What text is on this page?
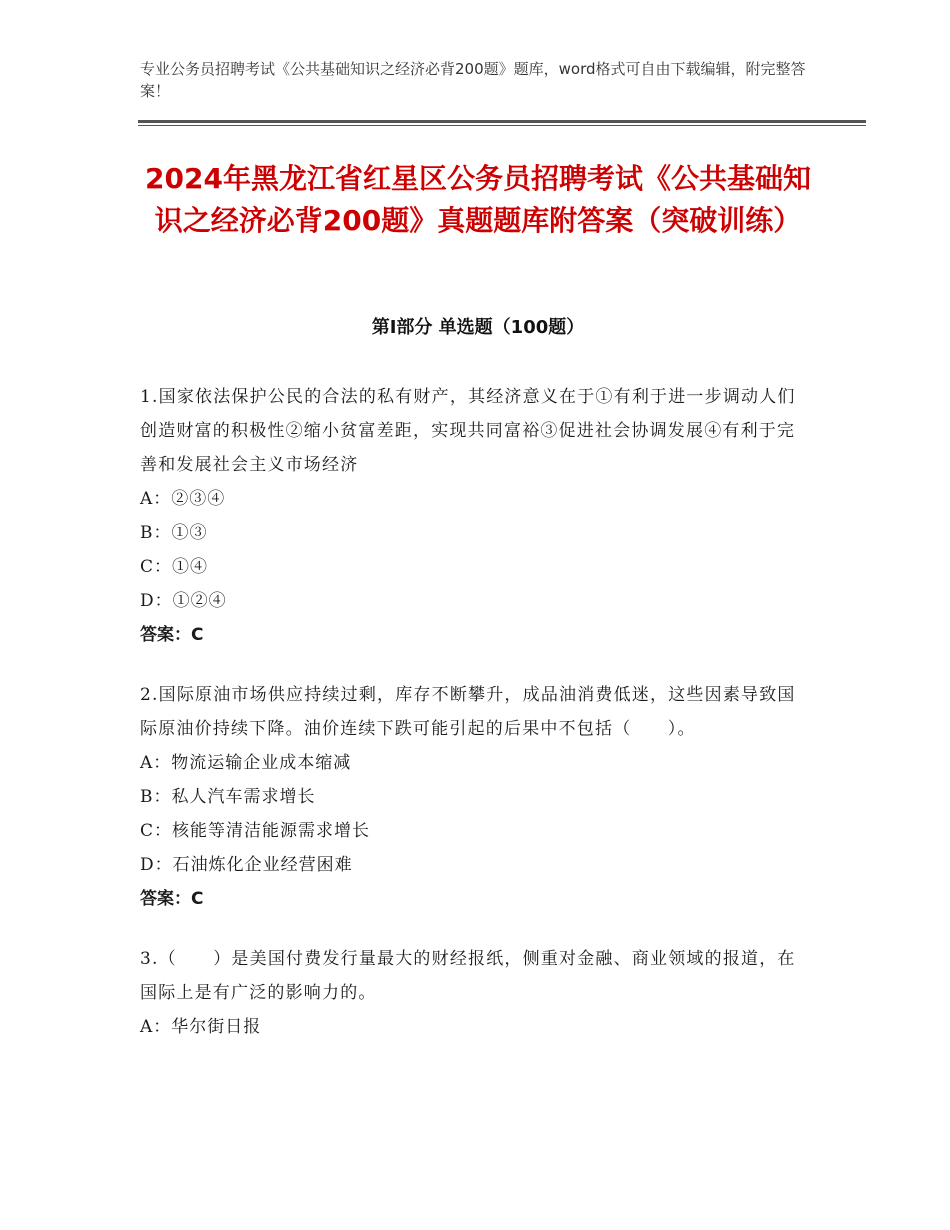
专业公务员招聘考试《公共基础知识之经济必背200题》题库，word格式可自由下载编辑，附完整答案！
2024年黑龙江省红星区公务员招聘考试《公共基础知识之经济必背200题》真题题库附答案（突破训练）
第Ⅰ部分 单选题（100题）

1.国家依法保护公民的合法的私有财产，其经济意义在于①有利于进一步调动人们创造财富的积极性②缩小贫富差距，实现共同富裕③促进社会协调发展④有利于完善和发展社会主义市场经济

A：②③④

B：①③

C：①④

D：①②④

答案：C

2.国际原油市场供应持续过剩，库存不断攀升，成品油消费低迷，这些因素导致国际原油价持续下降。油价连续下跌可能引起的后果中不包括（　　）。

A：物流运输企业成本缩减

B：私人汽车需求增长

C：核能等清洁能源需求增长

D：石油炼化企业经营困难

答案：C

3.（　　）是美国付费发行量最大的财经报纸，侧重对金融、商业领域的报道，在国际上是有广泛的影响力的。

A：华尔街日报
